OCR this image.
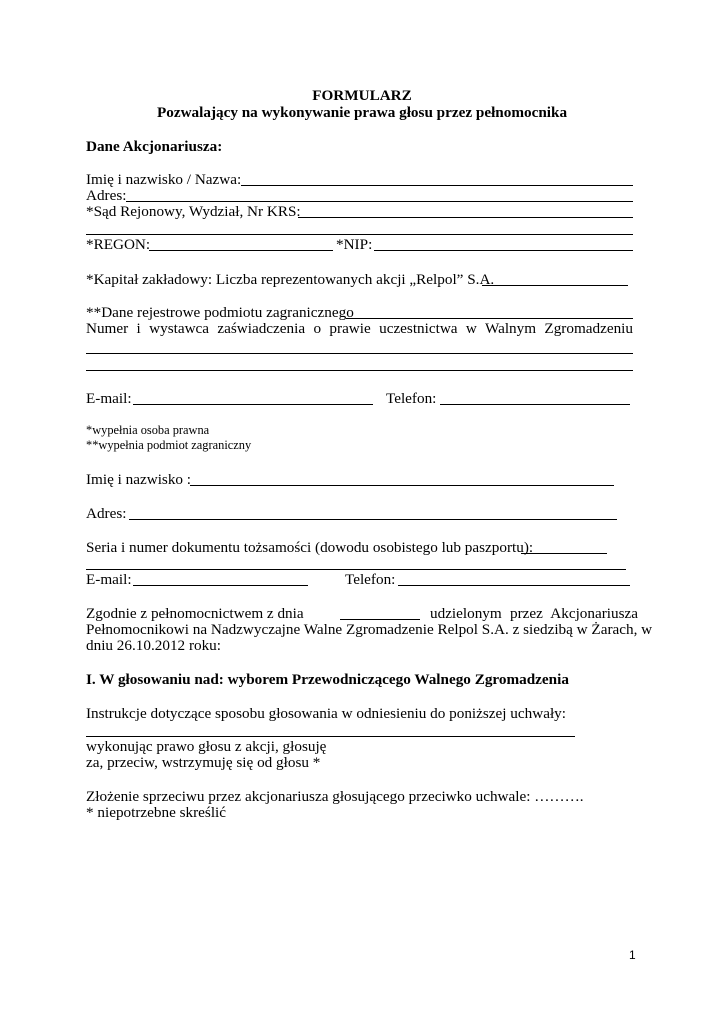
FORMULARZ
Pozwalający na wykonywanie prawa głosu przez pełnomocnika
Dane Akcjonariusza:
Imię i nazwisko / Nazwa:
Adres:
*Sąd Rejonowy, Wydział, Nr KRS:
*REGON:	*NIP:
*Kapitał zakładowy: Liczba reprezentowanych akcji „Relpol” S.A.
**Dane rejestrowe podmiotu zagranicznego
Numer i wystawca zaświadczenia o prawie uczestnictwa w Walnym Zgromadzeniu
E-mail:	Telefon:
*wypełnia osoba prawna
**wypełnia podmiot zagraniczny
Imię i nazwisko :
Adres:
Seria i numer dokumentu tożsamości (dowodu osobistego lub paszportu):
E-mail:	Telefon:
Zgodnie z pełnomocnictwem z dnia	udzielonym przez Akcjonariusza
Pełnomocnikowi na Nadzwyczajne Walne Zgromadzenie Relpol S.A. z siedzibą w Żarach, w
dniu 26.10.2012 roku:
I. W głosowaniu nad: wyborem Przewodniczącego Walnego Zgromadzenia
Instrukcje dotyczące sposobu głosowania w odniesieniu do poniższej uchwały:
wykonując prawo głosu z akcji, głosuję
za, przeciw, wstrzymuję się od głosu *
Złożenie sprzeciwu przez akcjonariusza głosującego przeciwko uchwale: ……….
* niepotrzebne skreślić
1
